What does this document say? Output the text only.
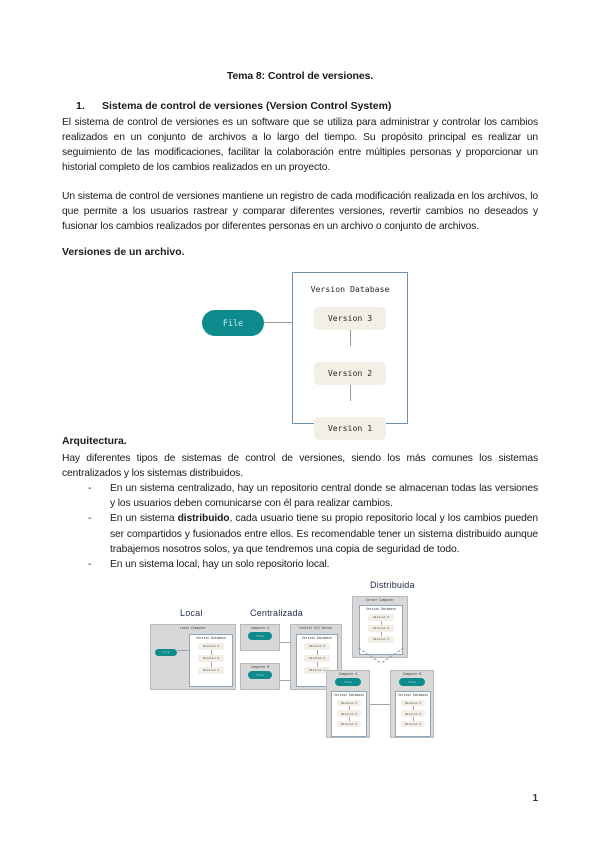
Tema 8: Control de versiones.
1.	Sistema de control de versiones (Version Control System)

El sistema de control de versiones es un software que se utiliza para administrar y controlar los cambios realizados en un conjunto de archivos a lo largo del tiempo. Su propósito principal es realizar un seguimiento de las modificaciones, facilitar la colaboración entre múltiples personas y proporcionar un historial completo de los cambios realizados en un proyecto.

Un sistema de control de versiones mantiene un registro de cada modificación realizada en los archivos, lo que permite a los usuarios rastrear y comparar diferentes versiones, revertir cambios no deseados y fusionar los cambios realizados por diferentes personas en un archivo o conjunto de archivos.

Versiones de un archivo.
File
Version Database
Version 3
Version 2
Version 1
Arquitectura.

Hay diferentes tipos de sistemas de control de versiones, siendo los más comunes los sistemas centralizados y los sistemas distribuidos.

- En un sistema centralizado, hay un repositorio central donde se almacenan todas las versiones y los usuarios deben comunicarse con él para realizar cambios.
- En un sistema distribuido, cada usuario tiene su propio repositorio local y los cambios pueden ser compartidos y fusionados entre ellos. Es recomendable tener un sistema distribuido aunque trabajemos nosotros solos, ya que tendremos una copia de seguridad de todo.
- En un sistema local, hay un solo repositorio local.
Local
Local Computer
File
Version Database
Version 3
Version 2
Version 1
Centralizada
Computer A
File
Computer B
File
Central VCS Server
Version Database
Version 3
Version 2
Version 1
Distribuida
Server Computer
Version Database
Version 3
Version 2
Version 1
Computer A
File
Version Database
Version 3
Version 2
Version 1
Computer B
File
Version Database
Version 3
Version 2
Version 1
1
